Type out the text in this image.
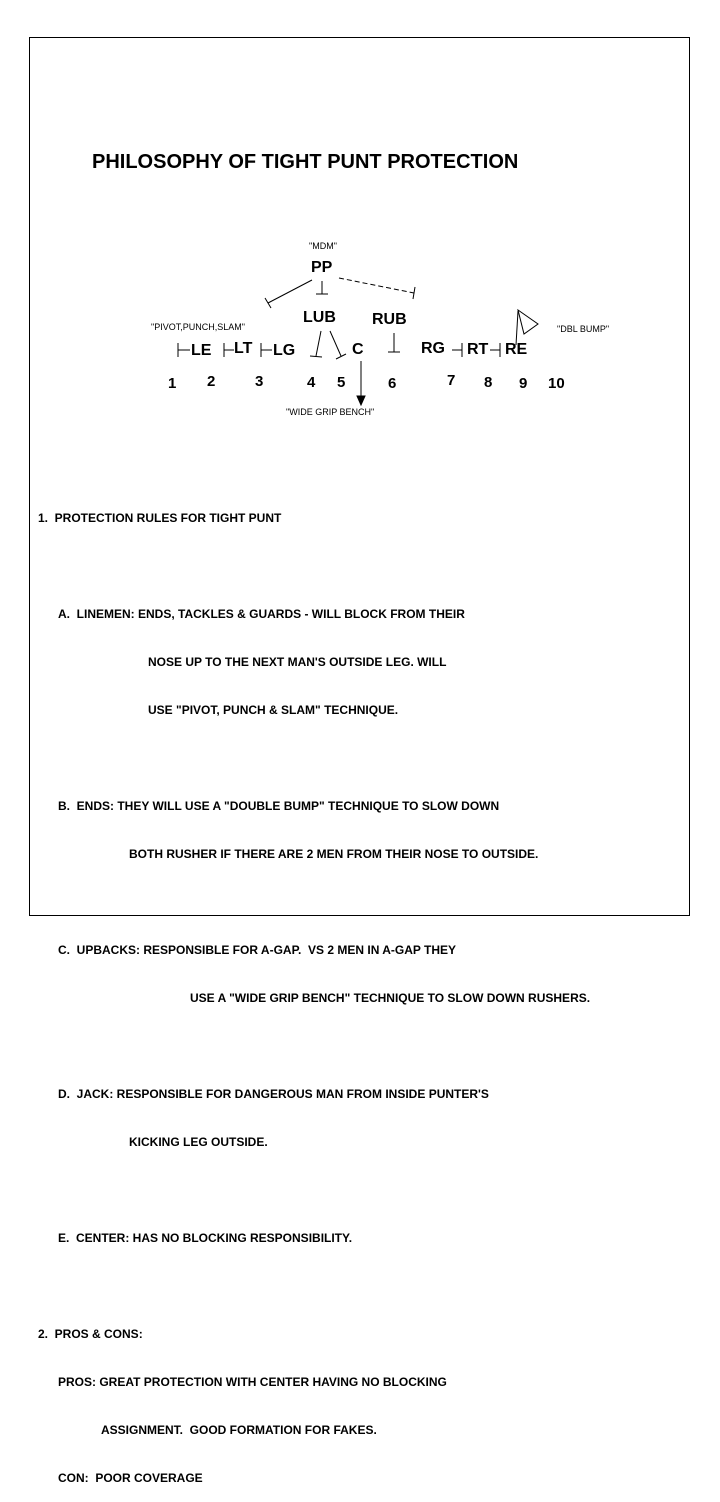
PHILOSOPHY OF TIGHT PUNT PROTECTION
PP
LUB RUB
LE LT LG	C	RG RT RE
1 2	3	4 5	6	7 8 9 10
"MDM"
"PIVOT,PUNCH,SLAM"	"DBL BUMP"
"WIDE GRIP BENCH"

1.  PROTECTION RULES FOR TIGHT PUNT

A.  LINEMEN: ENDS, TACKLES & GUARDS - WILL BLOCK FROM THEIR

NOSE UP TO THE NEXT MAN'S OUTSIDE LEG. WILL

USE "PIVOT, PUNCH & SLAM" TECHNIQUE.

B.  ENDS: THEY WILL USE A "DOUBLE BUMP" TECHNIQUE TO SLOW DOWN

BOTH RUSHER IF THERE ARE 2 MEN FROM THEIR NOSE TO OUTSIDE.

C.  UPBACKS: RESPONSIBLE FOR A-GAP.  VS 2 MEN IN A-GAP THEY

USE A "WIDE GRIP BENCH" TECHNIQUE TO SLOW DOWN RUSHERS.

D.  JACK: RESPONSIBLE FOR DANGEROUS MAN FROM INSIDE PUNTER'S

KICKING LEG OUTSIDE.

E.  CENTER: HAS NO BLOCKING RESPONSIBILITY.

2.  PROS & CONS:

PROS: GREAT PROTECTION WITH CENTER HAVING NO BLOCKING

ASSIGNMENT.  GOOD FORMATION FOR FAKES.

CON:  POOR COVERAGE
